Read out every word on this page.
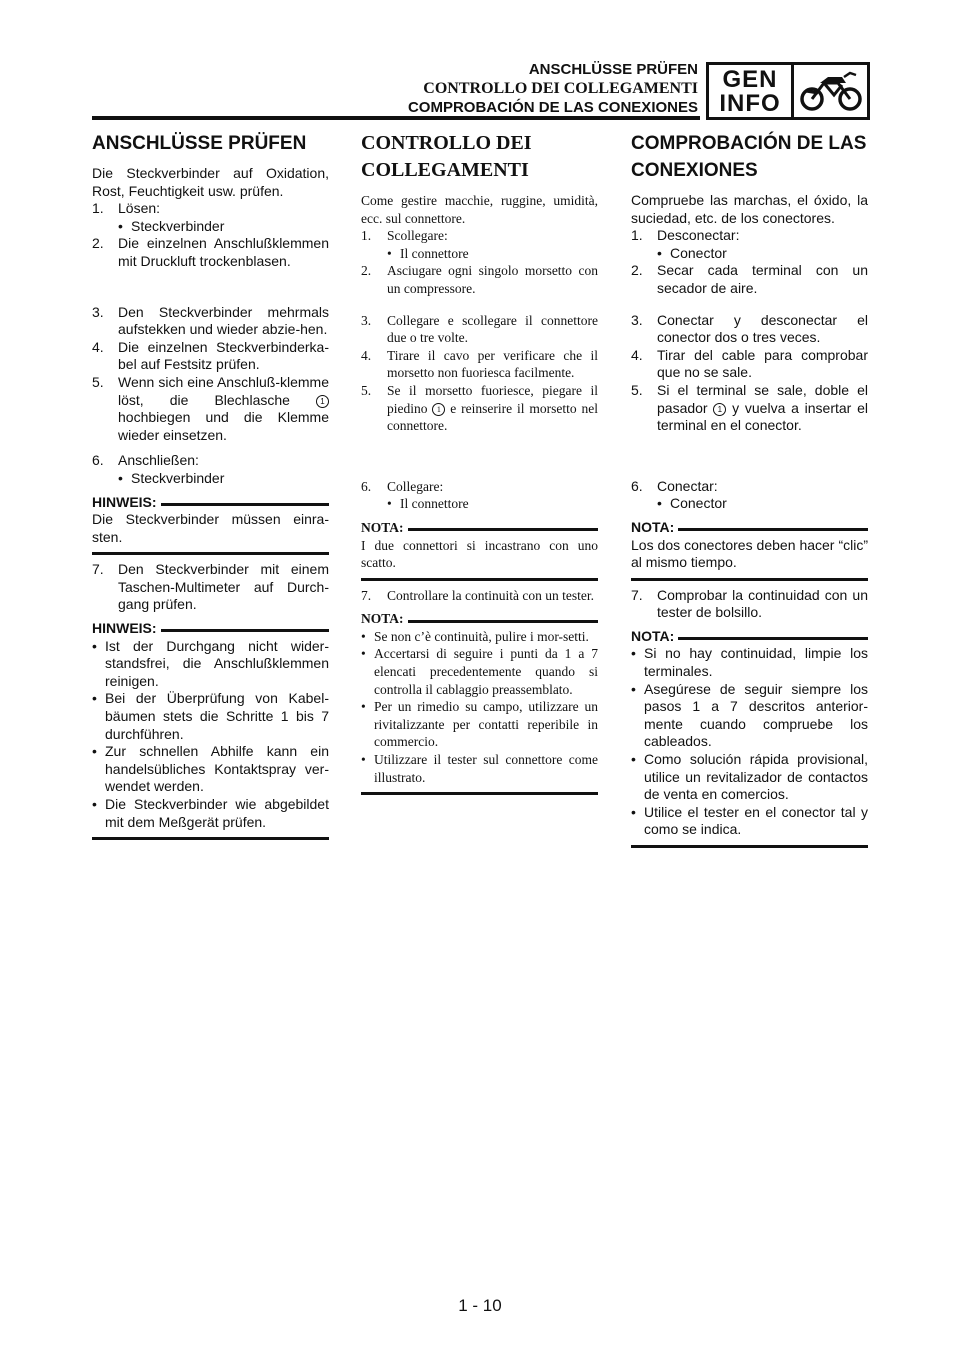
ANSCHLÜSSE PRÜFEN
CONTROLLO DEI COLLEGAMENTI
COMPROBACIÓN DE LAS CONEXIONES
GEN
INFO
ANSCHLÜSSE PRÜFEN

Die Steckverbinder auf Oxidation, Rost, Feuchtigkeit usw. prüfen.

1.	Lösen:
• Steckverbinder
2.	Die einzelnen Anschlußklemmen mit Druckluft trockenblasen.
3.	Den Steckverbinder mehrmals aufstekken und wieder abzie-hen.
4.	Die einzelnen Steckverbinderka-bel auf Festsitz prüfen.
5.	Wenn sich eine Anschluß-klemme löst, die Blechlasche	1 hochbiegen und die Klemme wieder einsetzen.
6.	Anschließen:
• Steckverbinder
HINWEIS:

Die Steckverbinder müssen einra-sten.

7.	Den Steckverbinder mit einem Taschen-Multimeter auf Durch-gang prüfen.
HINWEIS:
• Ist der Durchgang nicht wider-standsfrei, die Anschlußklemmen reinigen.
• Bei der Überprüfung von Kabel-bäumen stets die Schritte 1 bis 7 durchführen.
• Zur schnellen Abhilfe kann ein handelsübliches Kontaktspray ver-wendet werden.
• Die Steckverbinder wie abgebildet mit dem Meßgerät prüfen.
CONTROLLO DEI COLLEGAMENTI

Come gestire macchie, ruggine, umidità, ecc. sul connettore.

1.	Scollegare:
• Il connettore
2.	Asciugare ogni singolo morsetto con un compressore.
3.	Collegare e scollegare il connettore due o tre volte.
4.	Tirare il cavo per verificare che il morsetto non fuoriesca facilmente.
5.	Se il morsetto fuoriesce, piegare il piedino 1 e reinserire il morsetto nel connettore.
6.	Collegare:
• Il connettore
NOTA:

I due connettori si incastrano con uno scatto.

7.	Controllare la continuità con un tester.
NOTA:
• Se non c’è continuità, pulire i mor-setti.
• Accertarsi di seguire i punti da 1 a 7 elencati precedentemente quando si controlla il cablaggio preassemblato.
• Per un rimedio su campo, utilizzare un rivitalizzante per contatti reperibile in commercio.
• Utilizzare il tester sul connettore come illustrato.
COMPROBACIÓN DE LAS CONEXIONES

Compruebe las marchas, el óxido, la suciedad, etc. de los conectores.

1.	Desconectar:
• Conector
2.	Secar cada terminal con un secador de aire.
3.	Conectar y desconectar el conector dos o tres veces.
4.	Tirar del cable para comprobar que no se sale.
5.	Si el terminal se sale, doble el pasador 1 y vuelva a insertar el terminal en el conector.
6.	Conectar:
• Conector
NOTA:

Los dos conectores deben hacer “clic” al mismo tiempo.

7.	Comprobar la continuidad con un tester de bolsillo.
NOTA:
• Si no hay continuidad, limpie los terminales.
• Asegúrese de seguir siempre los pasos 1 a 7 descritos anterior-mente cuando compruebe los cableados.
• Como solución rápida provisional, utilice un revitalizador de contactos de venta en comercios.
• Utilice el tester en el conector tal y como se indica.
1 - 10
